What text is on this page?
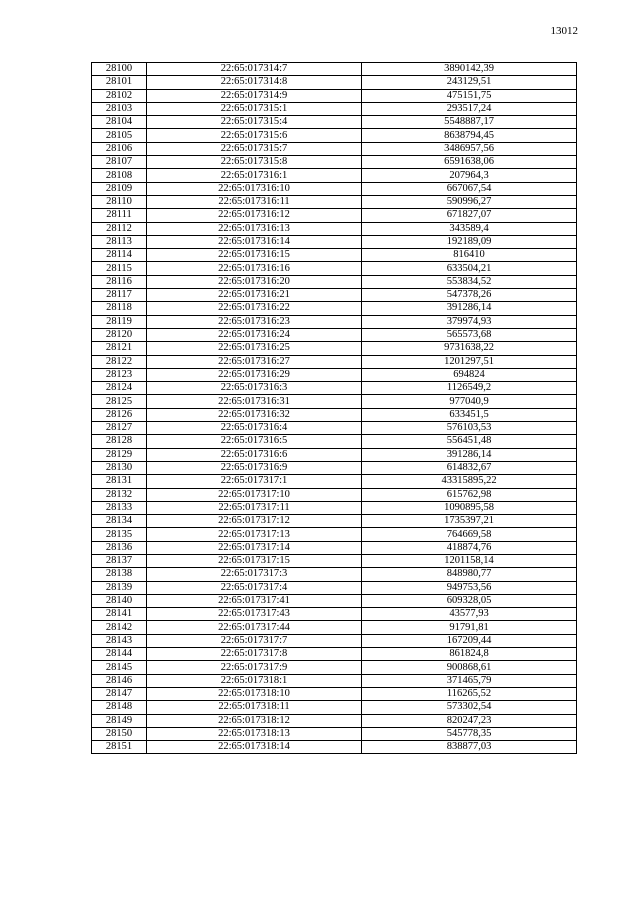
13012
28100	22:65:017314:7	3890142,39
28101	22:65:017314:8	243129,51
28102	22:65:017314:9	475151,75
28103	22:65:017315:1	293517,24
28104	22:65:017315:4	5548887,17
28105	22:65:017315:6	8638794,45
28106	22:65:017315:7	3486957,56
28107	22:65:017315:8	6591638,06
28108	22:65:017316:1	207964,3
28109	22:65:017316:10	667067,54
28110	22:65:017316:11	590996,27
28111	22:65:017316:12	671827,07
28112	22:65:017316:13	343589,4
28113	22:65:017316:14	192189,09
28114	22:65:017316:15	816410
28115	22:65:017316:16	633504,21
28116	22:65:017316:20	553834,52
28117	22:65:017316:21	547378,26
28118	22:65:017316:22	391286,14
28119	22:65:017316:23	379974,93
28120	22:65:017316:24	565573,68
28121	22:65:017316:25	9731638,22
28122	22:65:017316:27	1201297,51
28123	22:65:017316:29	694824
28124	22:65:017316:3	1126549,2
28125	22:65:017316:31	977040,9
28126	22:65:017316:32	633451,5
28127	22:65:017316:4	576103,53
28128	22:65:017316:5	556451,48
28129	22:65:017316:6	391286,14
28130	22:65:017316:9	614832,67
28131	22:65:017317:1	43315895,22
28132	22:65:017317:10	615762,98
28133	22:65:017317:11	1090895,58
28134	22:65:017317:12	1735397,21
28135	22:65:017317:13	764669,58
28136	22:65:017317:14	418874,76
28137	22:65:017317:15	1201158,14
28138	22:65:017317:3	848980,77
28139	22:65:017317:4	949753,56
28140	22:65:017317:41	609328,05
28141	22:65:017317:43	43577,93
28142	22:65:017317:44	91791,81
28143	22:65:017317:7	167209,44
28144	22:65:017317:8	861824,8
28145	22:65:017317:9	900868,61
28146	22:65:017318:1	371465,79
28147	22:65:017318:10	116265,52
28148	22:65:017318:11	573302,54
28149	22:65:017318:12	820247,23
28150	22:65:017318:13	545778,35
28151	22:65:017318:14	838877,03
